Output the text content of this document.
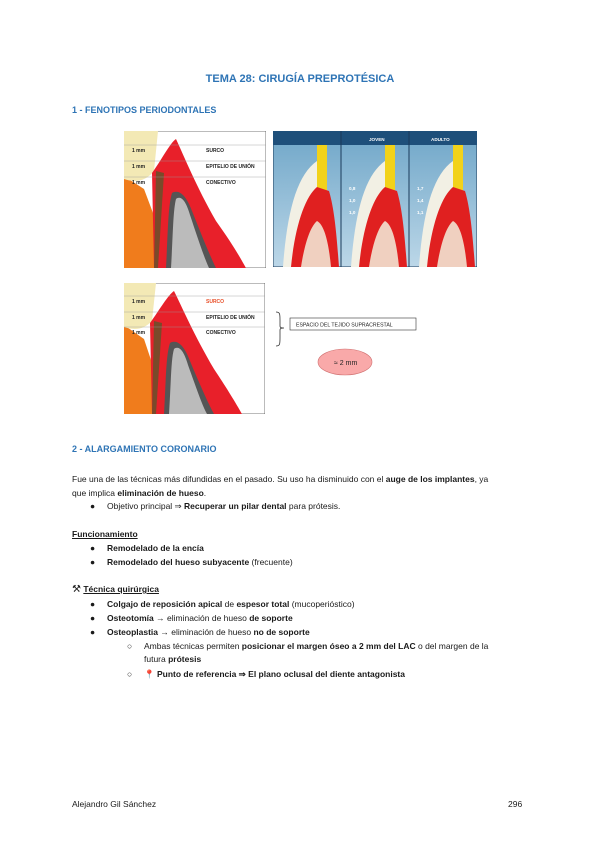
TEMA 28: CIRUGÍA PREPROTÉSICA
1 - FENOTIPOS PERIODONTALES
1 mm
1 mm
1 mm
SURCO
EPITELIO DE UNIÓN
CONECTIVO
JOVEN	ADULTO
0,8
1,0
1,0
1,7
1,4
1,1
1 mm
1 mm
1 mm
SURCO
EPITELIO DE UNIÓN
CONECTIVO
ESPACIO DEL TEJIDO SUPRACRESTAL
≈ 2 mm
2 - ALARGAMIENTO CORONARIO
Fue una de las técnicas más difundidas en el pasado. Su uso ha disminuido con el auge de los implantes, ya
que implica eliminación de hueso.
● Objetivo principal ⇒ Recuperar un pilar dental para prótesis.
Funcionamiento
● Remodelado de la encía
● Remodelado del hueso subyacente (frecuente)
⚒ Técnica quirúrgica
● Colgajo de reposición apical de espesor total (mucoperióstico)
● Osteotomía → eliminación de hueso de soporte
● Osteoplastia → eliminación de hueso no de soporte
○ Ambas técnicas permiten posicionar el margen óseo a 2 mm del LAC o del margen de la
futura prótesis
○ 📍 Punto de referencia ⇒ El plano oclusal del diente antagonista
Alejandro Gil Sánchez	296
